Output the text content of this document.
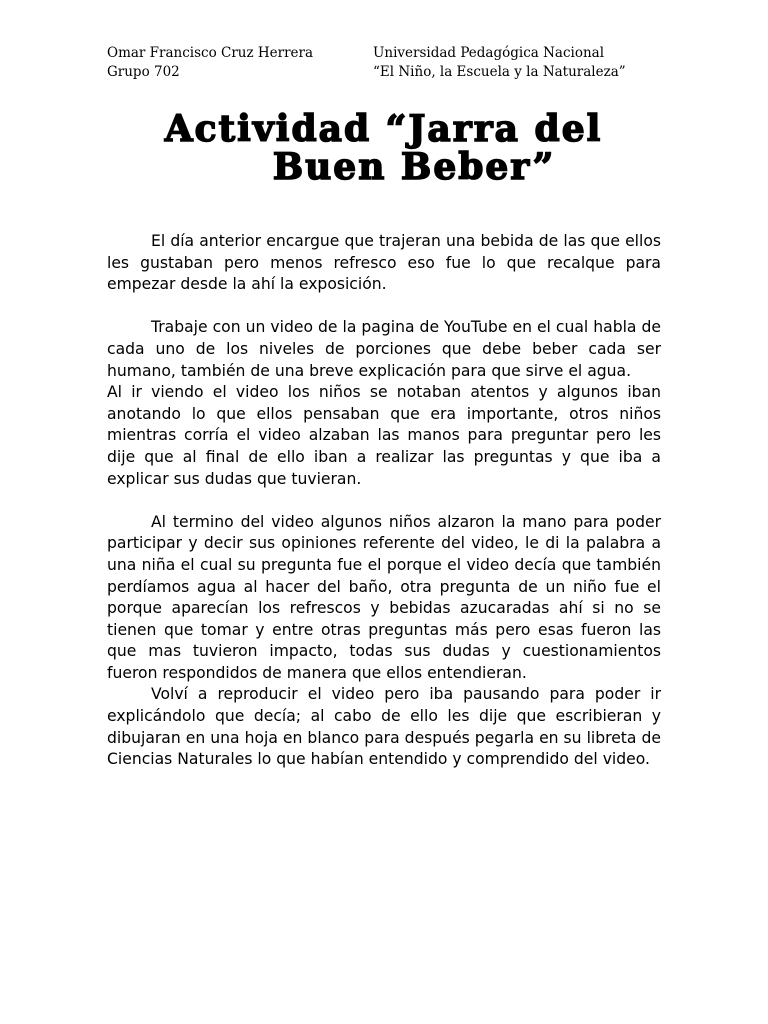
Omar Francisco Cruz Herrera
Grupo 702
Universidad Pedagógica Nacional
“El Niño, la Escuela y la Naturaleza”
Actividad “Jarra del
Buen Beber”

El día anterior encargue que trajeran una bebida de las que ellos les gustaban pero menos refresco eso fue lo que recalque para empezar desde la ahí la exposición.

Trabaje con un video de la pagina de YouTube en el cual habla de cada uno de los niveles de porciones que debe beber cada ser humano, también de una breve explicación para que sirve el agua.

Al ir viendo el video los niños se notaban atentos y algunos iban anotando lo que ellos pensaban que era importante, otros niños mientras corría el video alzaban las manos para preguntar pero les dije que al final de ello iban a realizar las preguntas y que iba a explicar sus dudas que tuvieran.

Al termino del video algunos niños alzaron la mano para poder participar y decir sus opiniones referente del video, le di la palabra a una niña el cual su pregunta fue el porque el video decía que también perdíamos agua al hacer del baño, otra pregunta de un niño fue el porque aparecían los refrescos y bebidas azucaradas ahí si no se tienen que tomar y entre otras preguntas más pero esas fueron las que mas tuvieron impacto, todas sus dudas y cuestionamientos fueron respondidos de manera que ellos entendieran.

Volví a reproducir el video pero iba pausando para poder ir explicándolo que decía; al cabo de ello les dije que escribieran y dibujaran en una hoja en blanco para después pegarla en su libreta de Ciencias Naturales lo que habían entendido y comprendido del video.
